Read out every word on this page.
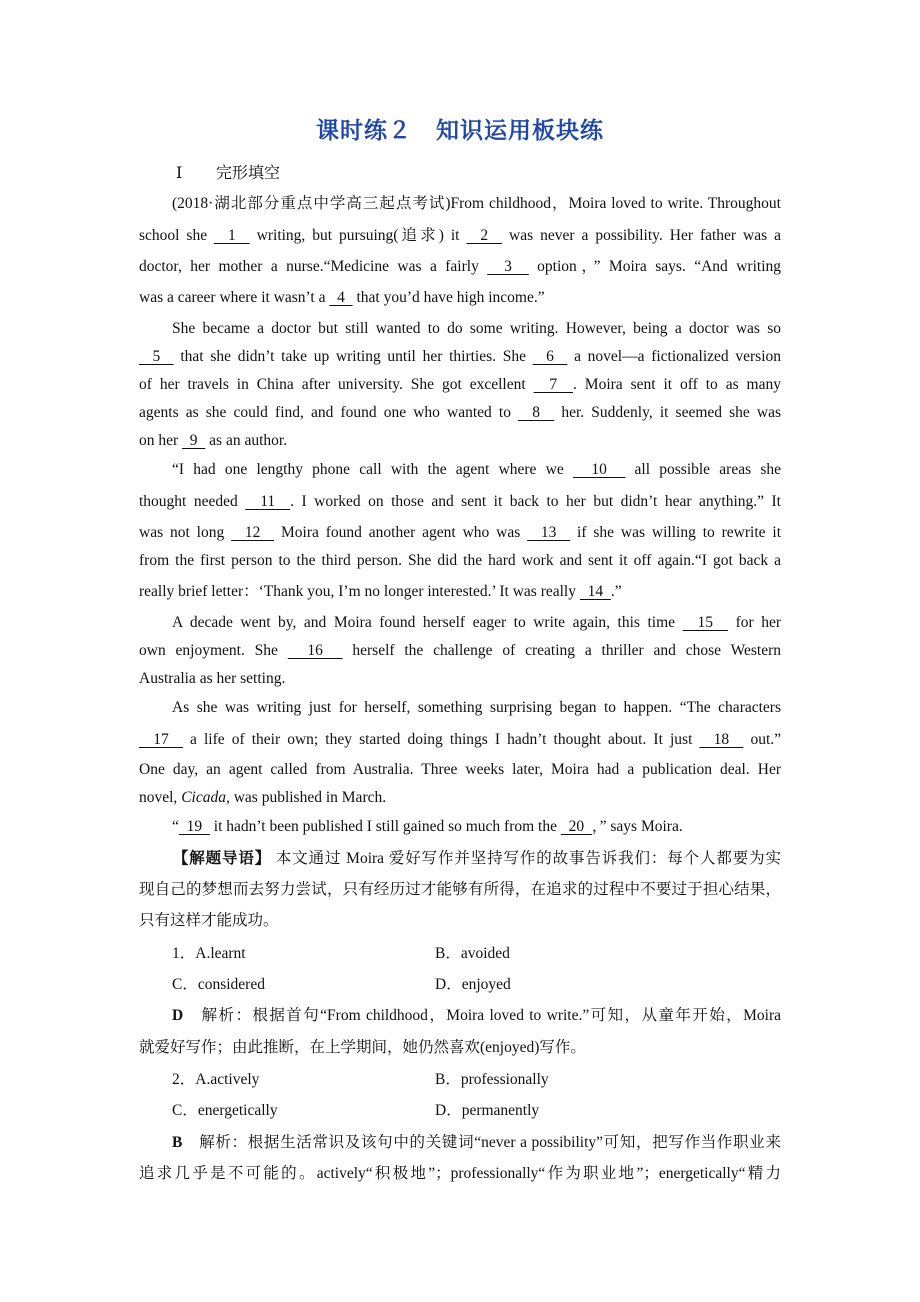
课时练２　知识运用板块练
Ⅰ 完形填空
(2018·湖北部分重点中学高三起点考试)From childhood，Moira loved to write. Throughout
school she   1   writing, but pursuing(追求) it   2   was never a possibility. Her father was a
doctor, her mother a nurse.“Medicine was a fairly   3   option，” Moira says. “And writing
was a career where it wasn’t a   4   that you’d have high income.”
She became a doctor but still wanted to do some writing. However, being a doctor was so
5   that she didn’t take up writing until her thirties. She   6   a novel—a fictionalized version
of her travels in China after university. She got excellent   7  . Moira sent it off to as many
agents as she could find, and found one who wanted to   8   her. Suddenly, it seemed she was
on her   9   as an author.
“I had one lengthy phone call with the agent where we   10   all possible areas she
thought needed   11  . I worked on those and sent it back to her but didn’t hear anything.” It
was not long   12   Moira found another agent who was   13   if she was willing to rewrite it
from the first person to the third person. She did the hard work and sent it off again.“I got back a
really brief letter：‘Thank you, I’m no longer interested.’ It was really   14  .”
A decade went by, and Moira found herself eager to write again, this time   15   for her
own enjoyment. She   16   herself the challenge of creating a thriller and chose Western
Australia as her setting.
As she was writing just for herself, something surprising began to happen. “The characters
17   a life of their own; they started doing things I hadn’t thought about. It just   18   out.”
One day, an agent called from Australia. Three weeks later, Moira had a publication deal. Her
novel, Cicada, was published in March.
“  19   it hadn’t been published I still gained so much from the   20  ，” says Moira.
【解题导语】 本文通过 Moira 爱好写作并坚持写作的故事告诉我们：每个人都要为实
现自己的梦想而去努力尝试，只有经历过才能够有所得，在追求的过程中不要过于担心结果，
只有这样才能成功。
1．A.learnt	B．avoided
C．considered	D．enjoyed
D　 解析：根据首句“From childhood，Moira loved to write.”可知，从童年开始，Moira
就爱好写作；由此推断，在上学期间，她仍然喜欢(enjoyed)写作。
2．A.actively	B．professionally
C．energetically	D．permanently
B　 解析：根据生活常识及该句中的关键词“never a possibility”可知，把写作当作职业来
追求几乎是不可能的。actively“积极地”；professionally“作为职业地”；energetically“精力
